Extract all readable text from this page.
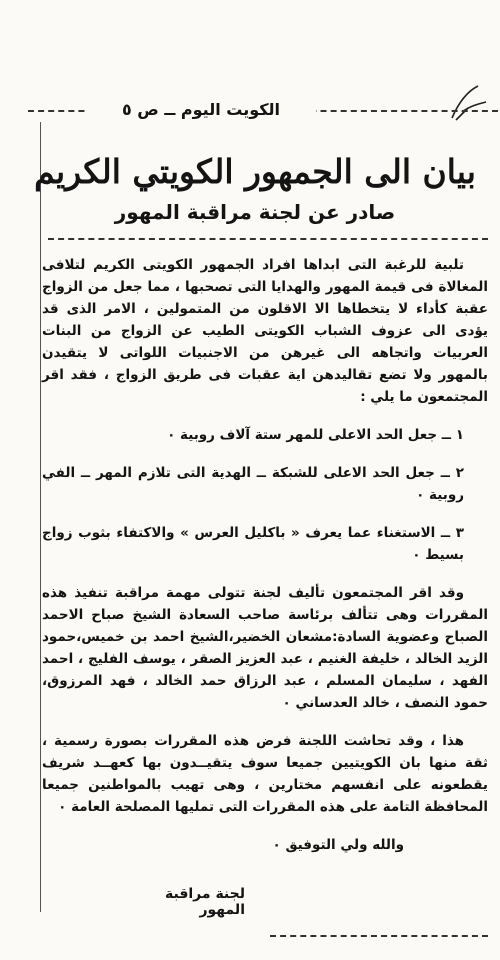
الكويت اليوم ــ ص ٥
بيان الى الجمهور الكويتي الكريم
صادر عن لجنة مراقبة المهور

تلبية للرغبة التى ابداها افراد الجمهور الكويتى الكريم لتلافى المغالاة فى قيمة المهور والهدايا التى تصحبها ، مما جعل من الزواج عقبة كأداء لا يتخطاها الا الاقلون من المتمولين ، الامر الذى قد يؤدى الى عزوف الشباب الكويتى الطيب عن الزواج من البنات العربيات واتجاهه الى غيرهن من الاجنبيات اللواتى لا يتقيدن بالمهور ولا تضع تقاليدهن اية عقبات فى طريق الزواج ، فقد اقر المجتمعون ما يلي :

١ ــ جعل الحد الاعلى للمهر ستة آلاف روبية ٠

٢ ــ جعل الحد الاعلى للشبكة ــ الهدية التى تلازم المهر ــ الفي روبية ٠

٣ ــ الاستغناء عما يعرف « باكليل العرس » والاكتفاء بثوب زواج بسيط ٠

وقد اقر المجتمعون تأليف لجنة تتولى مهمة مراقبة تنفيذ هذه المقررات وهى تتألف برئاسة صاحب السعادة الشيخ صباح الاحمد الصباح وعضوية السادة:مشعان الخضير،الشيخ احمد بن خميس،حمود الزيد الخالد ، خليفة الغنيم ، عبد العزيز الصقر ، يوسف الفليج ، احمد الفهد ، سليمان المسلم ، عبد الرزاق حمد الخالد ، فهد المرزوق، حمود النصف ، خالد العدساني ٠

هذا ، وقد تحاشت اللجنة فرض هذه المقررات بصورة رسمية ، ثقة منها بان الكويتيين جميعا سوف يتقيــدون بها كعهــد شريف يقطعونه على انفسهم مختارين ، وهى تهيب بالمواطنين جميعا المحافظة التامة على هذه المقررات التى تمليها المصلحة العامة ٠

والله ولي التوفيق ٠

لجنة مراقبة المهور
